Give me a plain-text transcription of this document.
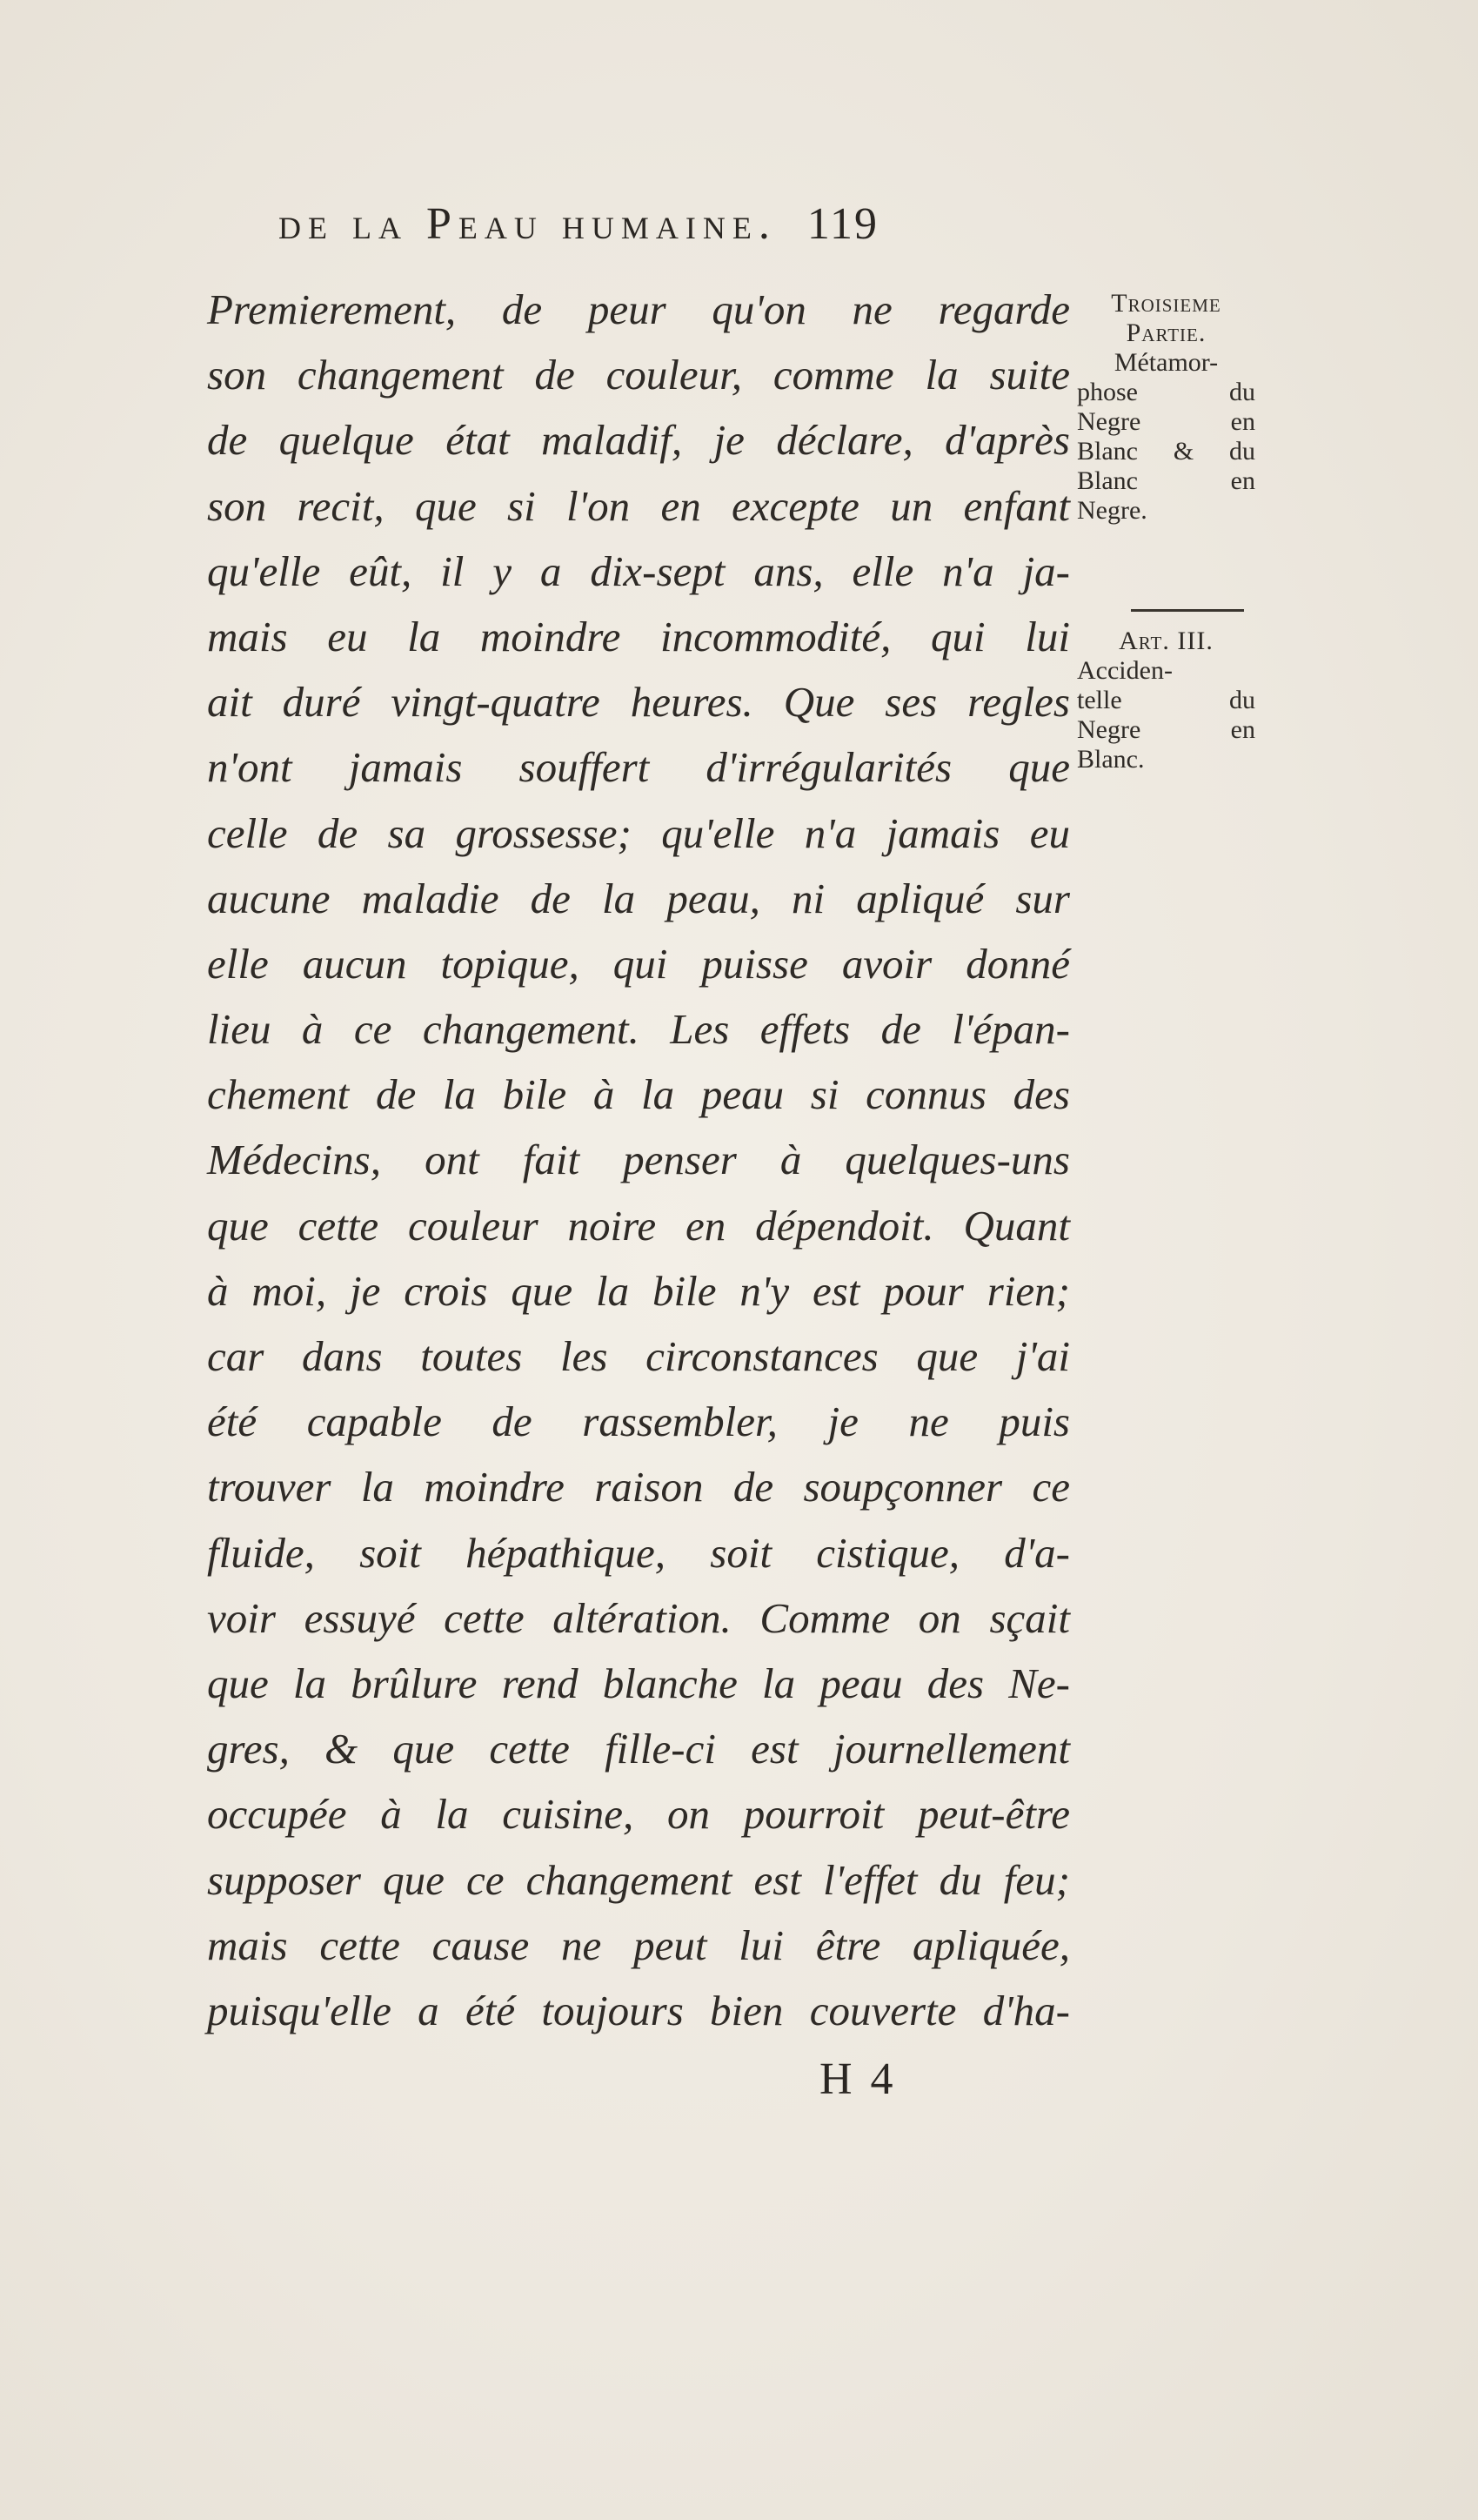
de la Peau humaine. 119
Troisieme
Partie.
Métamor-
phose du
Negre en
Blanc & du
Blanc en
Negre.
Art. III.
Acciden-
telle du
Negre en
Blanc.
Premierement, de peur qu'on ne regarde
son changement de couleur, comme la suite
de quelque état maladif, je déclare, d'après
son recit, que si l'on en excepte un enfant
qu'elle eût, il y a dix-sept ans, elle n'a ja-
mais eu la moindre incommodité, qui lui
ait duré vingt-quatre heures. Que ses regles
n'ont jamais souffert d'irrégularités que
celle de sa grossesse; qu'elle n'a jamais eu
aucune maladie de la peau, ni apliqué sur
elle aucun topique, qui puisse avoir donné
lieu à ce changement. Les effets de l'épan-
chement de la bile à la peau si connus des
Médecins, ont fait penser à quelques-uns
que cette couleur noire en dépendoit. Quant
à moi, je crois que la bile n'y est pour rien;
car dans toutes les circonstances que j'ai
été capable de rassembler, je ne puis
trouver la moindre raison de soupçonner ce
fluide, soit hépathique, soit cistique, d'a-
voir essuyé cette altération. Comme on sçait
que la brûlure rend blanche la peau des Ne-
gres, & que cette fille-ci est journellement
occupée à la cuisine, on pourroit peut-être
supposer que ce changement est l'effet du feu;
mais cette cause ne peut lui être apliquée,
puisqu'elle a été toujours bien couverte d'ha-
H 4
